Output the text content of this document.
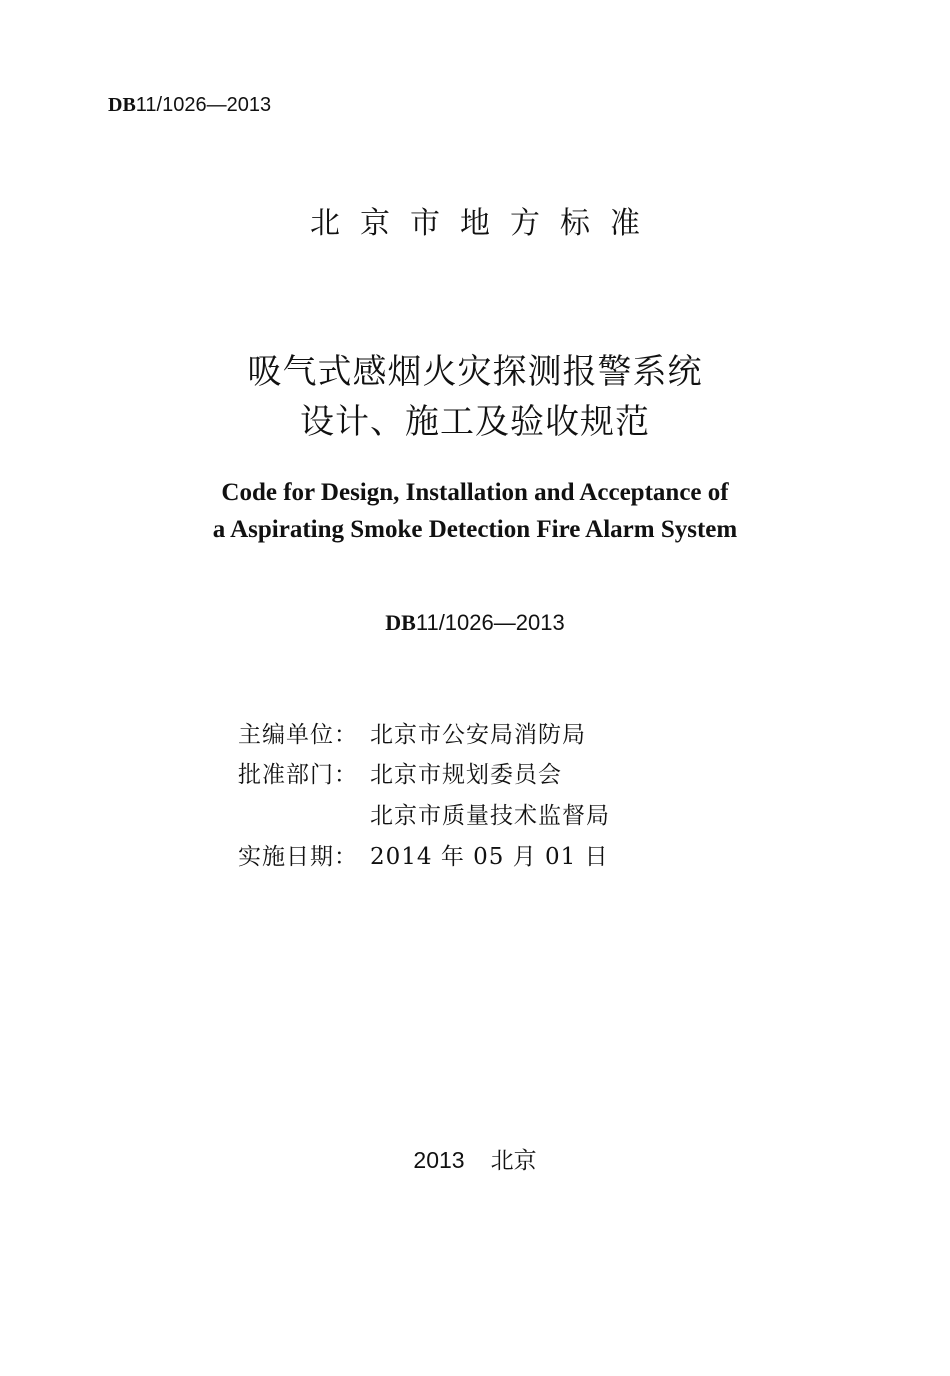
DB11/1026—2013
北京市地方标准
吸气式感烟火灾探测报警系统
设计、施工及验收规范
Code for Design, Installation and Acceptance of
a Aspirating Smoke Detection Fire Alarm System
DB11/1026—2013
主编单位： 北京市公安局消防局
批准部门： 北京市规划委员会
北京市质量技术监督局
实施日期： 2014 年 05 月 01 日
2013 北京
